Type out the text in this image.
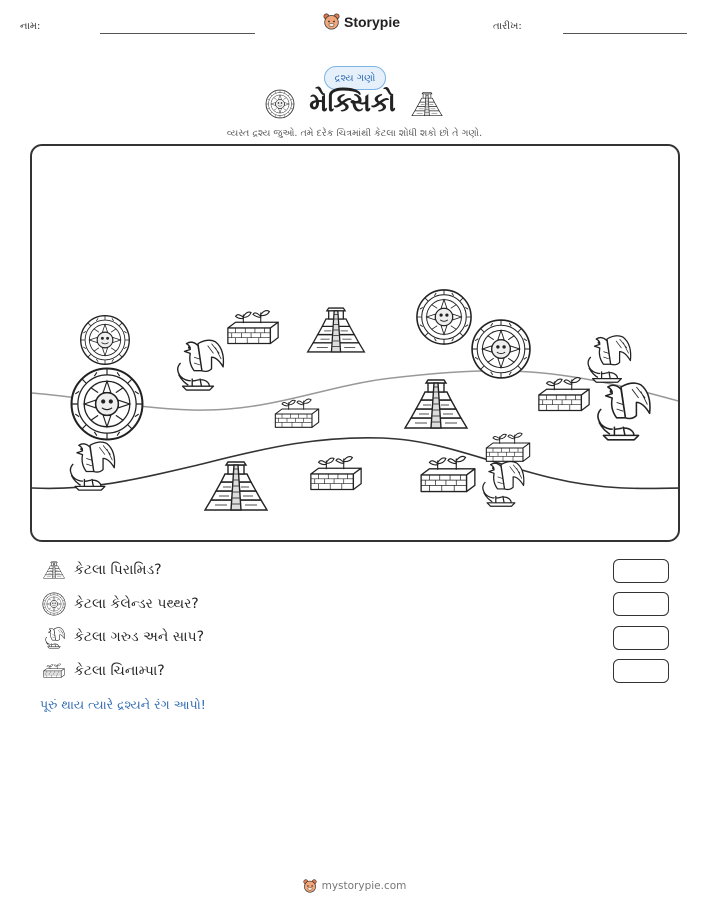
નામ:	Storypie	તારીખ:
દ્રશ્ય ગણો
મેક્સિકો
વ્યસ્ત દ્રશ્ય જુઓ. તમે દરેક ચિત્રમાંથી કેટલા શોધી શકો છો તે ગણો.
કેટલા પિરામિડ?
કેટલા કેલેન્ડર પથ્થર?
કેટલા ગરુડ અને સાપ?
કેટલા ચિનામ્પા?
પૂરું થાય ત્યારે દ્રશ્યને રંગ આપો!
mystorypie.com
